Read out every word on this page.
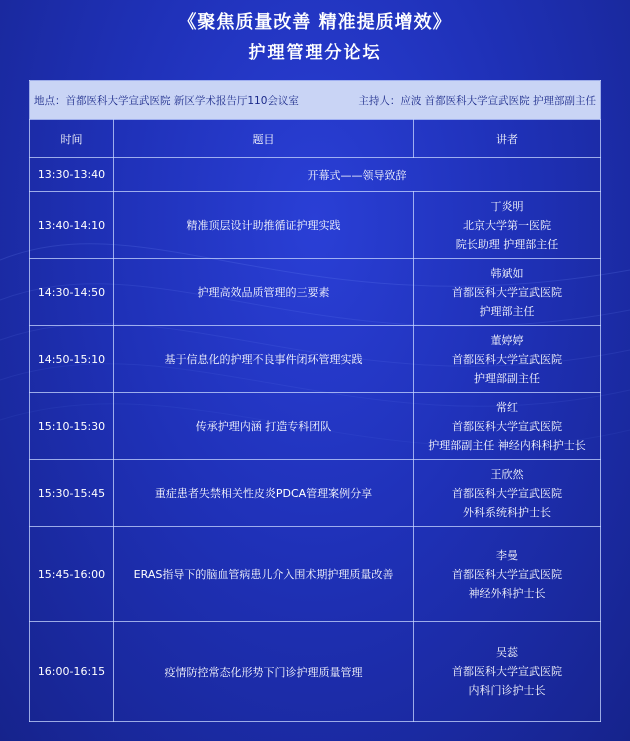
《聚焦质量改善 精准提质增效》
护理管理分论坛
地点：首都医科大学宣武医院 新区学术报告厅110会议室 主持人：应波 首都医科大学宣武医院 护理部副主任		

时间	题目	讲者
13:30-13:40	开幕式——领导致辞	
13:40-14:10	精准顶层设计助推循证护理实践	丁炎明
北京大学第一医院
院长助理 护理部主任

14:30-14:50	护理高效品质管理的三要素	韩斌如
首都医科大学宣武医院
护理部主任

14:50-15:10	基于信息化的护理不良事件闭环管理实践	董婷婷
首都医科大学宣武医院
护理部副主任

15:10-15:30	传承护理内涵 打造专科团队	常红
首都医科大学宣武医院
护理部副主任 神经内科科护士长

15:30-15:45	重症患者失禁相关性皮炎PDCA管理案例分享	王欣然
首都医科大学宣武医院
外科系统科护士长

15:45-16:00	ERAS指导下的脑血管病患儿介入围术期护理质量改善	李曼
首都医科大学宣武医院
神经外科护士长

16:00-16:15	疫情防控常态化形势下门诊护理质量管理	吴蕊
首都医科大学宣武医院
内科门诊护士长
